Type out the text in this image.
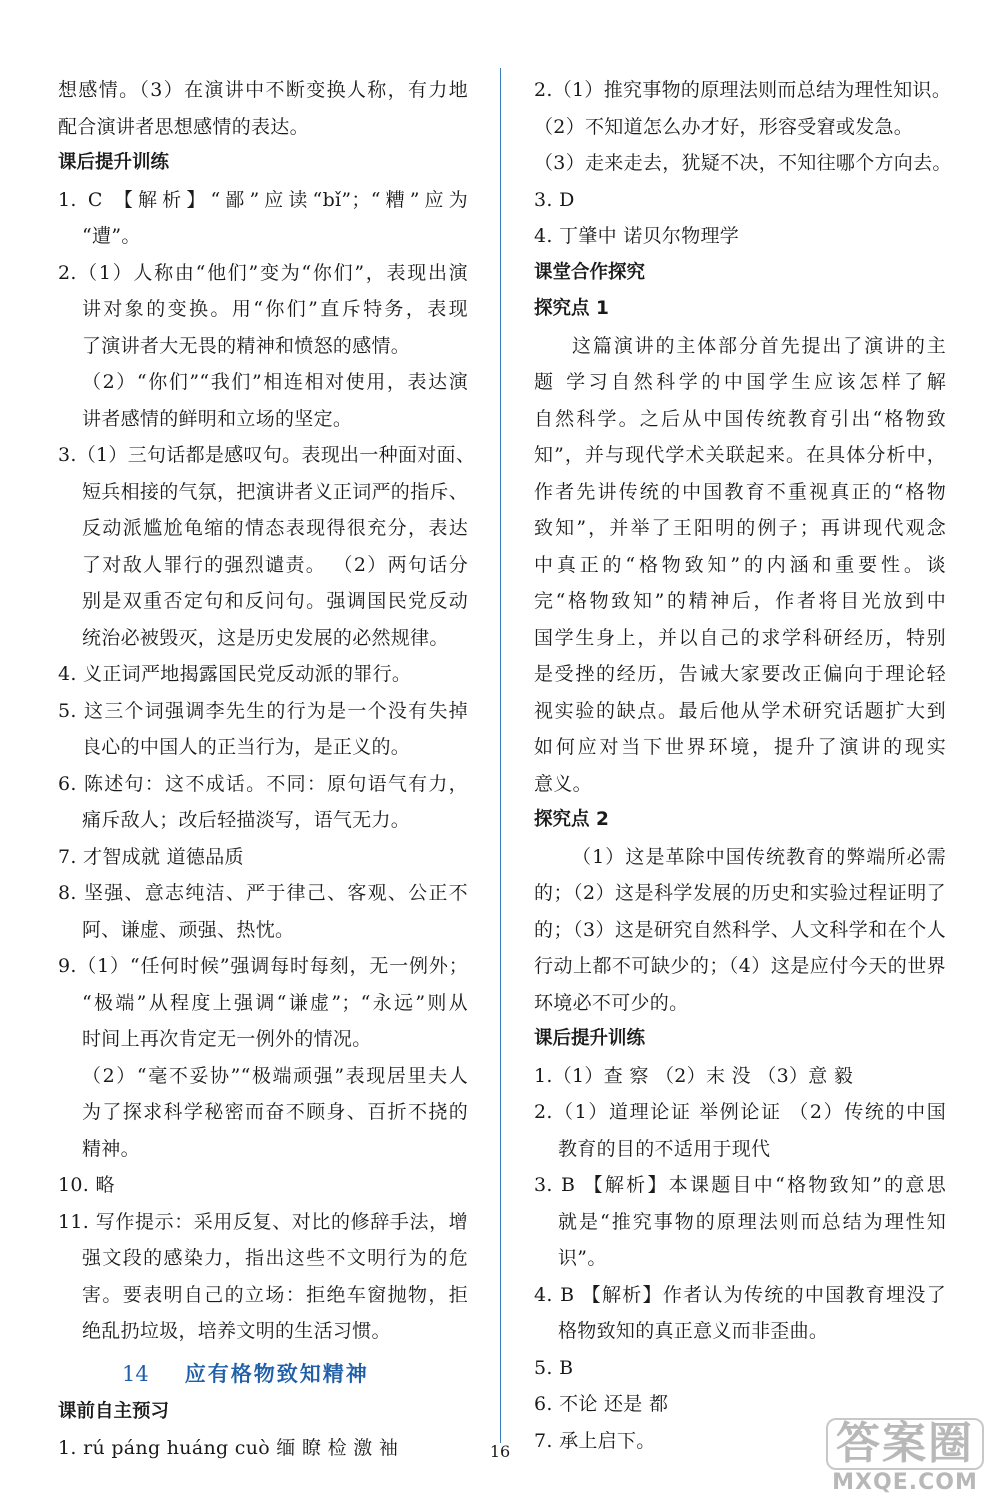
想感情。（3）在演讲中不断变换人称，有力地
配合演讲者思想感情的表达。
课后提升训练
1. C 【解析】“鄙”应读“bǐ”；“糟”应为
“遭”。
2.（1）人称由“他们”变为“你们”，表现出演
讲对象的变换。用“你们”直斥特务，表现
了演讲者大无畏的精神和愤怒的感情。
（2）“你们”“我们”相连相对使用，表达演
讲者感情的鲜明和立场的坚定。
3.（1）三句话都是感叹句。表现出一种面对面、
短兵相接的气氛，把演讲者义正词严的指斥、
反动派尴尬龟缩的情态表现得很充分，表达
了对敌人罪行的强烈谴责。 （2）两句话分
别是双重否定句和反问句。强调国民党反动
统治必被毁灭，这是历史发展的必然规律。
4. 义正词严地揭露国民党反动派的罪行。
5. 这三个词强调李先生的行为是一个没有失掉
良心的中国人的正当行为，是正义的。
6. 陈述句：这不成话。不同：原句语气有力，
痛斥敌人；改后轻描淡写，语气无力。
7. 才智成就 道德品质
8. 坚强、意志纯洁、严于律己、客观、公正不
阿、谦虚、顽强、热忱。
9.（1）“任何时候”强调每时每刻，无一例外；
“极端”从程度上强调“谦虚”；“永远”则从
时间上再次肯定无一例外的情况。
（2）“毫不妥协”“极端顽强”表现居里夫人
为了探求科学秘密而奋不顾身、百折不挠的
精神。
10. 略
11. 写作提示：采用反复、对比的修辞手法，增
强文段的感染力，指出这些不文明行为的危
害。要表明自己的立场：拒绝车窗抛物，拒
绝乱扔垃圾，培养文明的生活习惯。
14 应有格物致知精神
课前自主预习
1. rú páng huáng cuò 缅 瞭 检 激 袖
2.（1）推究事物的原理法则而总结为理性知识。
（2）不知道怎么办才好，形容受窘或发急。
（3）走来走去，犹疑不决，不知往哪个方向去。
3. D
4. 丁肇中 诺贝尔物理学
课堂合作探究
探究点 1
这篇演讲的主体部分首先提出了演讲的主
题 学习自然科学的中国学生应该怎样了解
自然科学。之后从中国传统教育引出“格物致
知”，并与现代学术关联起来。在具体分析中，
作者先讲传统的中国教育不重视真正的“格物
致知”，并举了王阳明的例子；再讲现代观念
中真正的“格物致知”的内涵和重要性。谈
完“格物致知”的精神后，作者将目光放到中
国学生身上，并以自己的求学科研经历，特别
是受挫的经历，告诫大家要改正偏向于理论轻
视实验的缺点。最后他从学术研究话题扩大到
如何应对当下世界环境，提升了演讲的现实
意义。
探究点 2
（1）这是革除中国传统教育的弊端所必需
的；（2）这是科学发展的历史和实验过程证明了
的；（3）这是研究自然科学、人文科学和在个人
行动上都不可缺少的；（4）这是应付今天的世界
环境必不可少的。
课后提升训练
1.（1）查 察 （2）末 没 （3）意 毅
2.（1）道理论证 举例论证 （2）传统的中国
教育的目的不适用于现代
3. B 【解析】本课题目中“格物致知”的意思
就是“推究事物的原理法则而总结为理性知
识”。
4. B 【解析】作者认为传统的中国教育埋没了
格物致知的真正意义而非歪曲。
5. B
6. 不论 还是 都
7. 承上启下。
16	答案圈
MXQE.COM
